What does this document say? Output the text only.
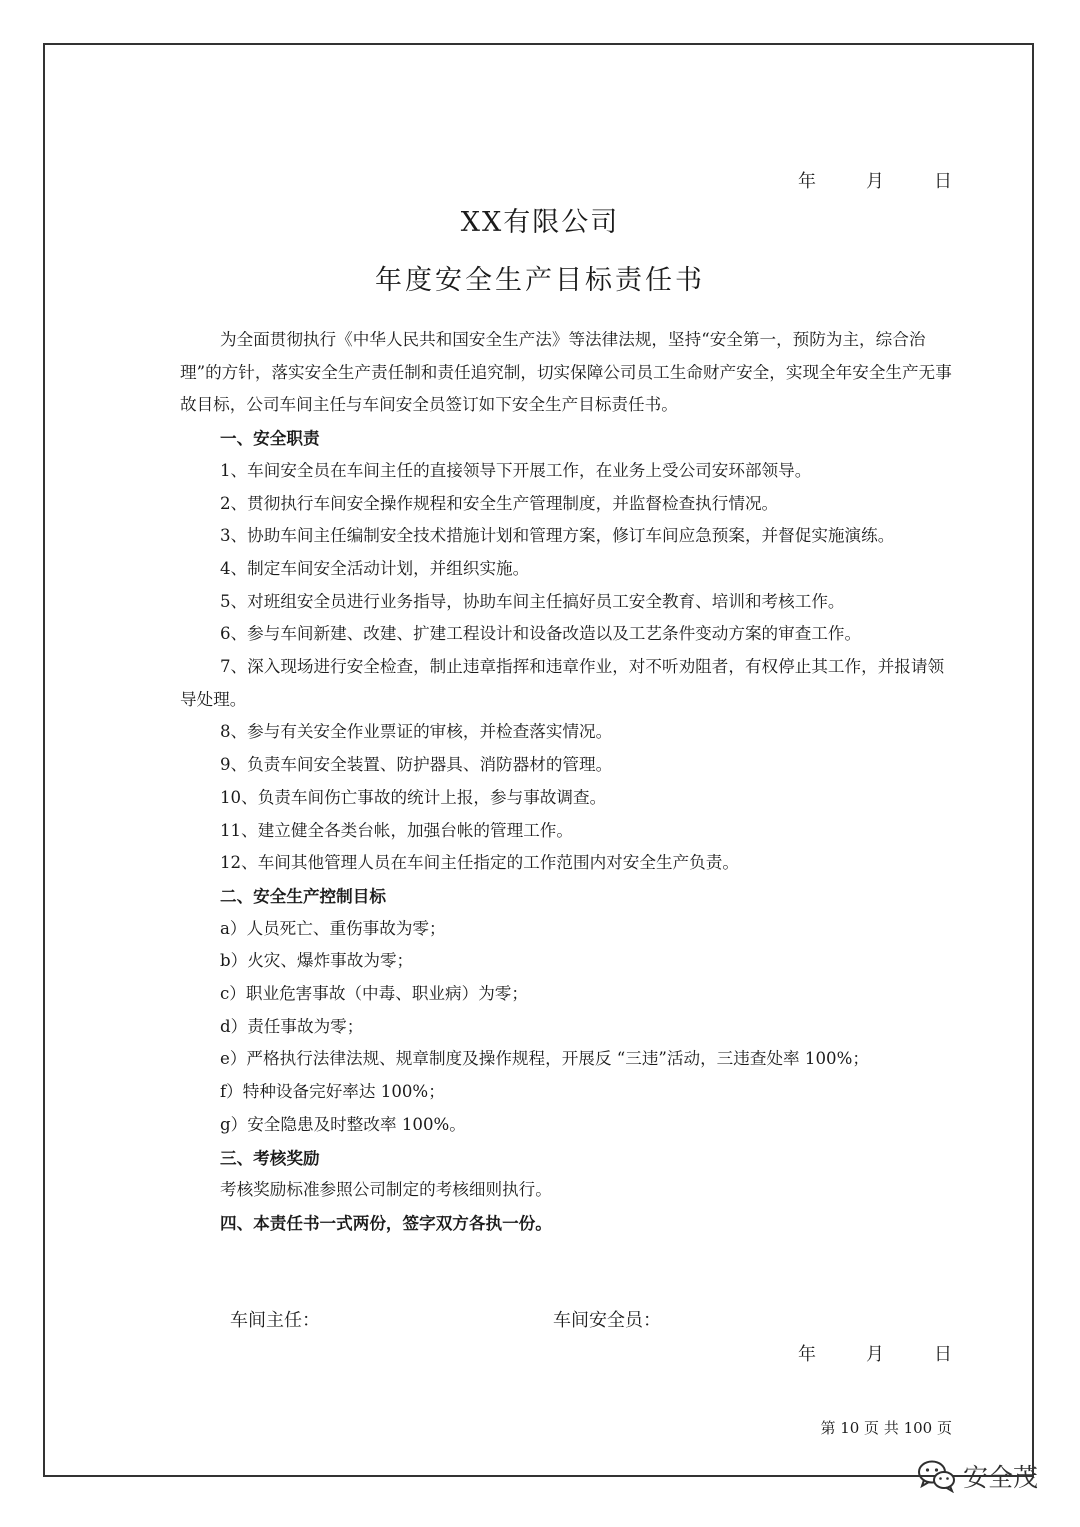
年	月	日
XX有限公司
年度安全生产目标责任书

为全面贯彻执行《中华人民共和国安全生产法》等法律法规，坚持“安全第一，预防为主，综合治理”的方针，落实安全生产责任制和责任追究制，切实保障公司员工生命财产安全，实现全年安全生产无事故目标，公司车间主任与车间安全员签订如下安全生产目标责任书。

一、安全职责

1、车间安全员在车间主任的直接领导下开展工作，在业务上受公司安环部领导。

2、贯彻执行车间安全操作规程和安全生产管理制度，并监督检查执行情况。

3、协助车间主任编制安全技术措施计划和管理方案，修订车间应急预案，并督促实施演练。

4、制定车间安全活动计划，并组织实施。

5、对班组安全员进行业务指导，协助车间主任搞好员工安全教育、培训和考核工作。

6、参与车间新建、改建、扩建工程设计和设备改造以及工艺条件变动方案的审查工作。

7、深入现场进行安全检查，制止违章指挥和违章作业，对不听劝阻者，有权停止其工作，并报请领导处理。

8、参与有关安全作业票证的审核，并检查落实情况。

9、负责车间安全装置、防护器具、消防器材的管理。

10、负责车间伤亡事故的统计上报，参与事故调查。

11、建立健全各类台帐，加强台帐的管理工作。

12、车间其他管理人员在车间主任指定的工作范围内对安全生产负责。

二、安全生产控制目标

a）人员死亡、重伤事故为零；

b）火灾、爆炸事故为零；

c）职业危害事故（中毒、职业病）为零；

d）责任事故为零；

e）严格执行法律法规、规章制度及操作规程，开展反 “三违”活动，三违查处率 100%；

f）特种设备完好率达 100%；

g）安全隐患及时整改率 100%。

三、考核奖励

考核奖励标准参照公司制定的考核细则执行。

四、本责任书一式两份，签字双方各执一份。

车间主任：	车间安全员：
年	月	日
第 10 页 共 100 页
安全茂
